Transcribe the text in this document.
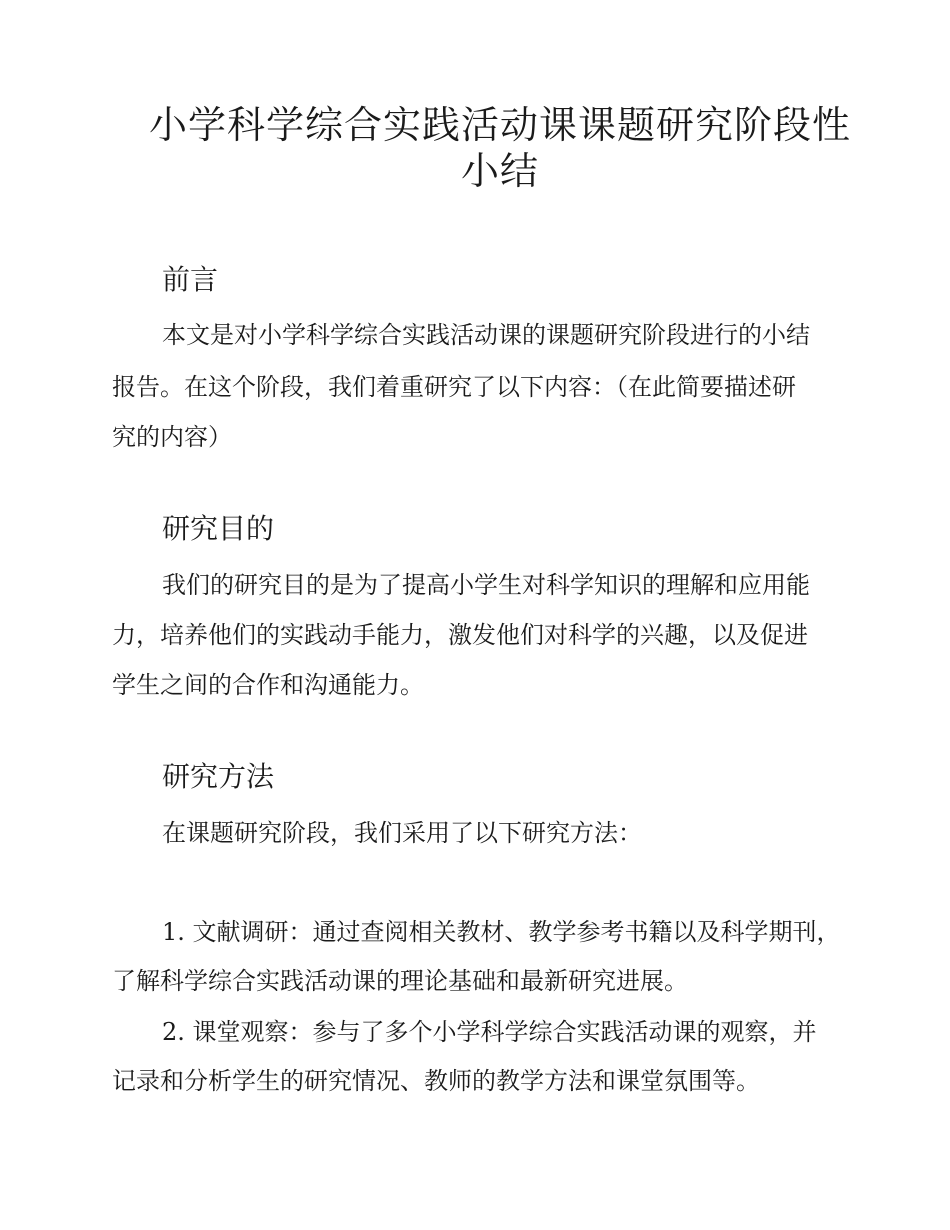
小学科学综合实践活动课课题研究阶段性
小结
前言

本文是对小学科学综合实践活动课的课题研究阶段进行的小结

报告。在这个阶段，我们着重研究了以下内容：（在此简要描述研

究的内容）

研究目的

我们的研究目的是为了提高小学生对科学知识的理解和应用能

力，培养他们的实践动手能力，激发他们对科学的兴趣，以及促进

学生之间的合作和沟通能力。

研究方法

在课题研究阶段，我们采用了以下研究方法：

1. 文献调研：通过查阅相关教材、教学参考书籍以及科学期刊，

了解科学综合实践活动课的理论基础和最新研究进展。

2. 课堂观察：参与了多个小学科学综合实践活动课的观察，并

记录和分析学生的研究情况、教师的教学方法和课堂氛围等。
